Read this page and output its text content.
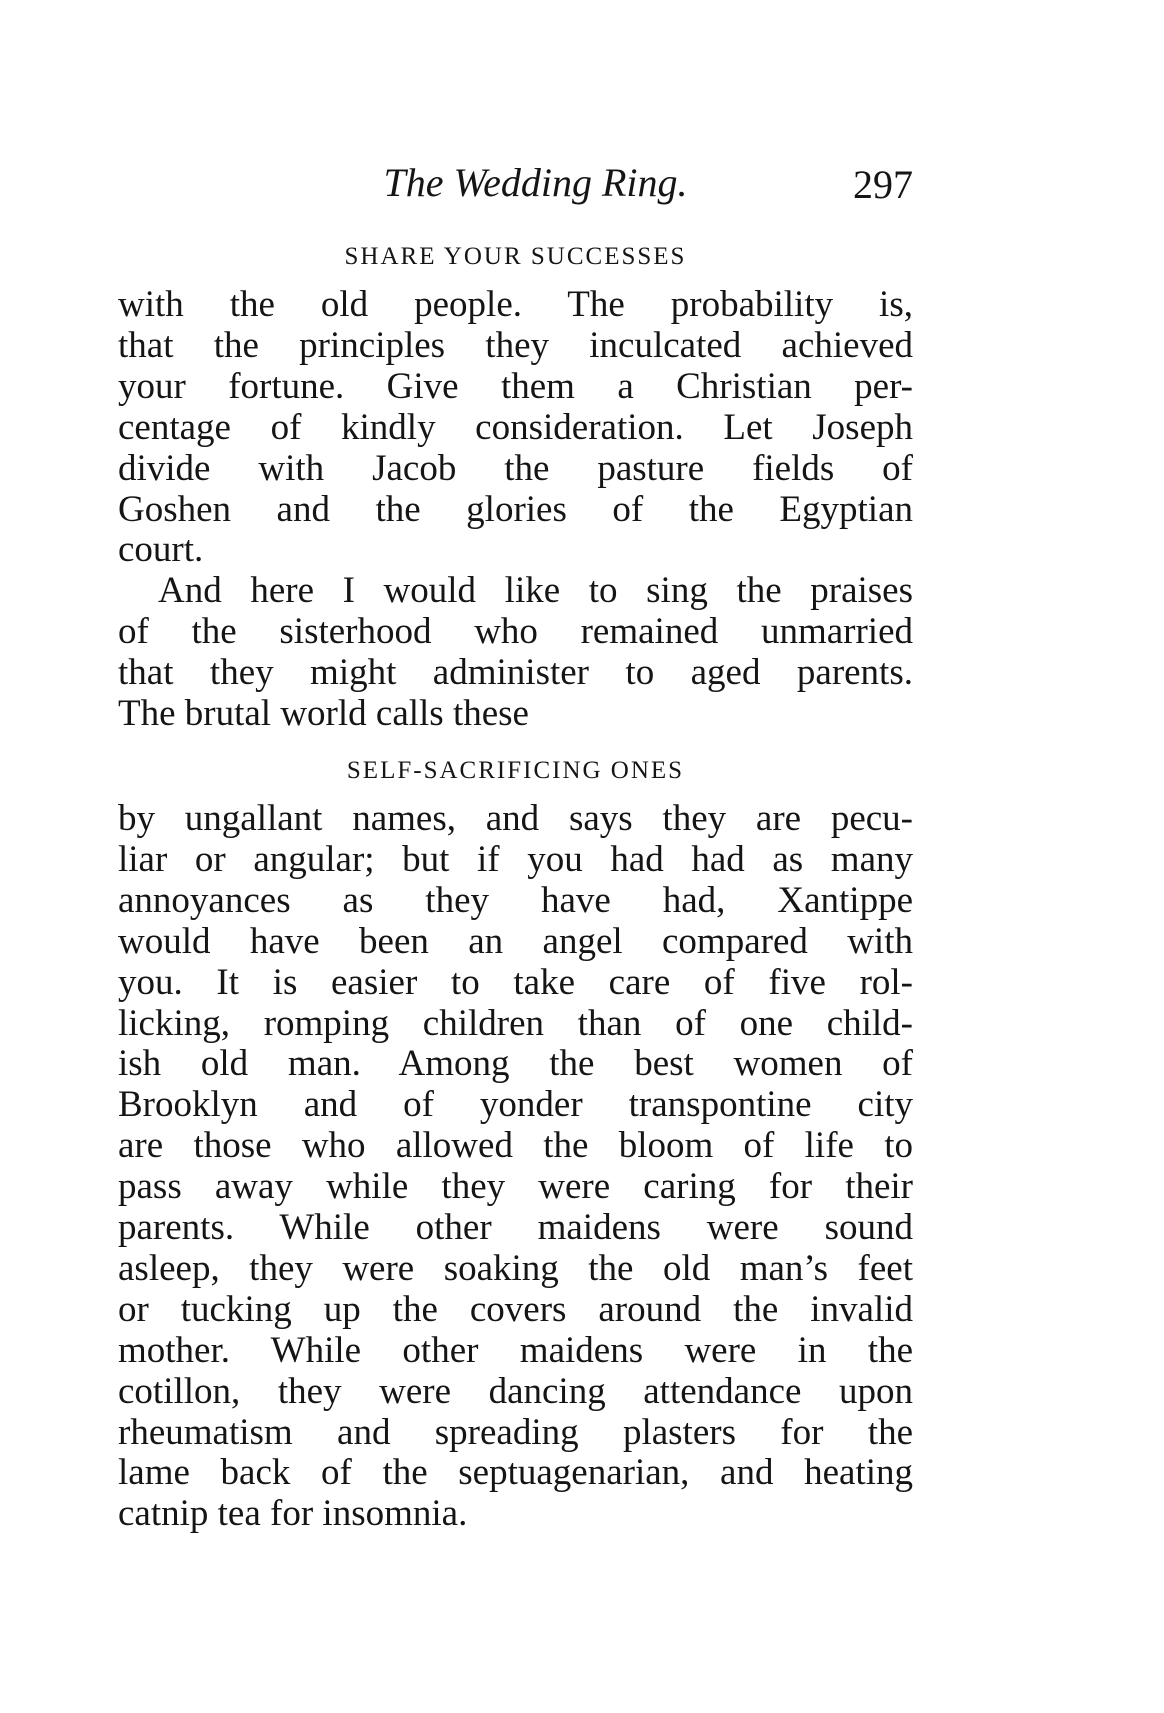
The Wedding Ring.	297
SHARE YOUR SUCCESSES
with the old people. The probability is,
that the principles they inculcated achieved
your fortune. Give them a Christian per-
centage of kindly consideration. Let Joseph
divide with Jacob the pasture fields of
Goshen and the glories of the Egyptian
court.
And here I would like to sing the praises
of the sisterhood who remained unmarried
that they might administer to aged parents.
The brutal world calls these
SELF-SACRIFICING ONES
by ungallant names, and says they are pecu-
liar or angular; but if you had had as many
annoyances as they have had, Xantippe
would have been an angel compared with
you. It is easier to take care of five rol-
licking, romping children than of one child-
ish old man. Among the best women of
Brooklyn and of yonder transpontine city
are those who allowed the bloom of life to
pass away while they were caring for their
parents. While other maidens were sound
asleep, they were soaking the old man’s feet
or tucking up the covers around the invalid
mother. While other maidens were in the
cotillon, they were dancing attendance upon
rheumatism and spreading plasters for the
lame back of the septuagenarian, and heating
catnip tea for insomnia.
